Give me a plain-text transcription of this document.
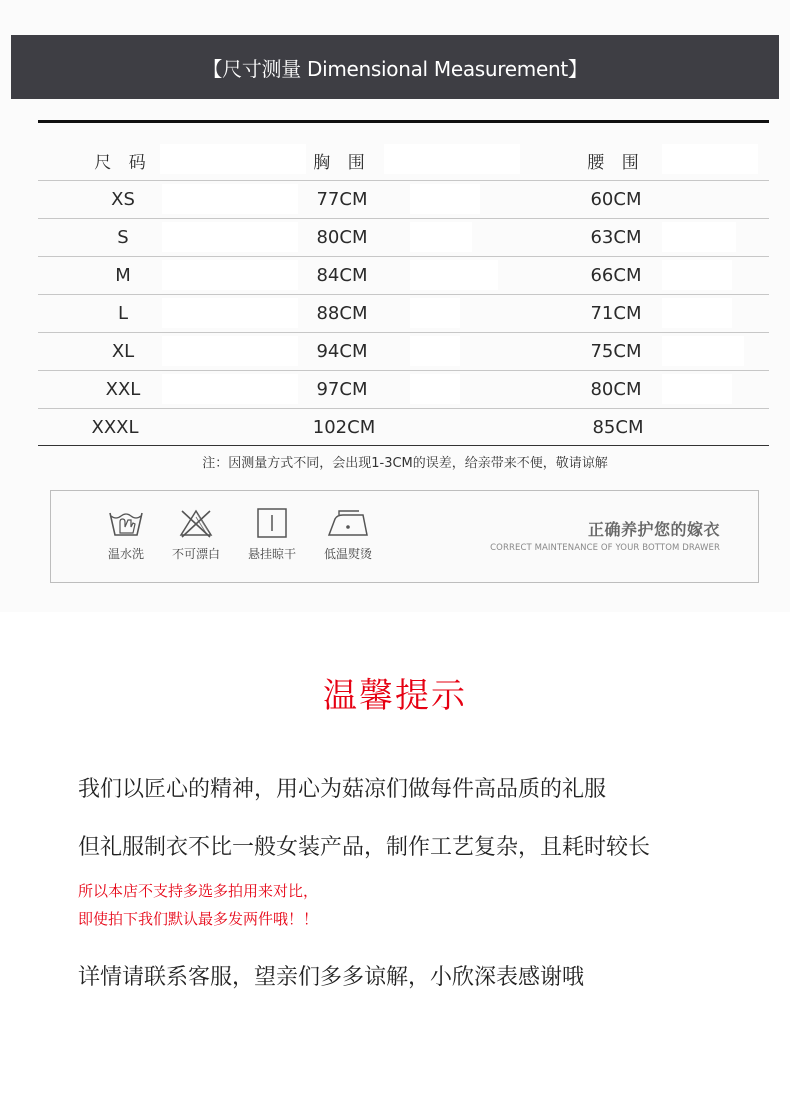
【尺寸测量 Dimensional Measurement】
尺 码	胸 围	腰 围
XS	77CM	60CM
S	80CM	63CM
M	84CM	66CM
L	88CM	71CM
XL	94CM	75CM
XXL	97CM	80CM
XXXL	102CM	85CM
注：因测量方式不同，会出现1-3CM的误差，给亲带来不便，敬请谅解
温水洗	不可漂白	悬挂晾干	低温熨烫
正确养护您的嫁衣
CORRECT MAINTENANCE OF YOUR BOTTOM DRAWER
温馨提示
我们以匠心的精神，用心为菇凉们做每件高品质的礼服
但礼服制衣不比一般女装产品，制作工艺复杂，且耗时较长
所以本店不支持多选多拍用来对比，
即使拍下我们默认最多发两件哦！！
详情请联系客服，望亲们多多谅解，小欣深表感谢哦
